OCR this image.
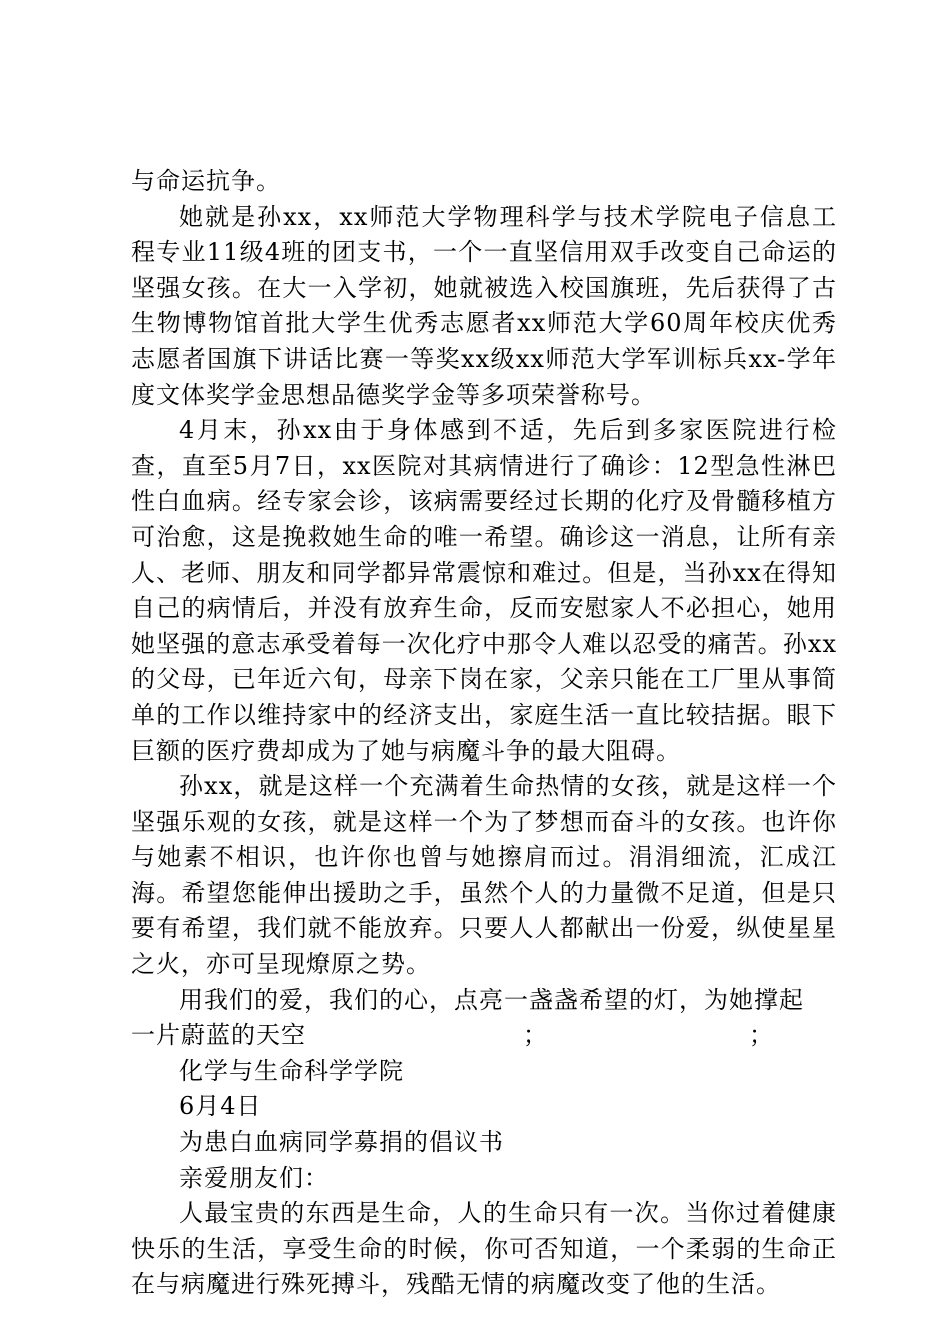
与命运抗争。

她就是孙xx，xx师范大学物理科学与技术学院电子信息工程专业11级4班的团支书，一个一直坚信用双手改变自己命运的坚强女孩。在大一入学初，她就被选入校国旗班，先后获得了古生物博物馆首批大学生优秀志愿者xx师范大学60周年校庆优秀志愿者国旗下讲话比赛一等奖xx级xx师范大学军训标兵xx-学年度文体奖学金思想品德奖学金等多项荣誉称号。

4月末，孙xx由于身体感到不适，先后到多家医院进行检查，直至5月7日，xx医院对其病情进行了确诊：12型急性淋巴性白血病。经专家会诊，该病需要经过长期的化疗及骨髓移植方可治愈，这是挽救她生命的唯一希望。确诊这一消息，让所有亲人、老师、朋友和同学都异常震惊和难过。但是，当孙xx在得知自己的病情后，并没有放弃生命，反而安慰家人不必担心，她用她坚强的意志承受着每一次化疗中那令人难以忍受的痛苦。孙xx的父母，已年近六旬，母亲下岗在家，父亲只能在工厂里从事简单的工作以维持家中的经济支出，家庭生活一直比较拮据。眼下巨额的医疗费却成为了她与病魔斗争的最大阻碍。

孙xx，就是这样一个充满着生命热情的女孩，就是这样一个坚强乐观的女孩，就是这样一个为了梦想而奋斗的女孩。也许你与她素不相识，也许你也曾与她擦肩而过。涓涓细流，汇成江海。希望您能伸出援助之手，虽然个人的力量微不足道，但是只要有希望，我们就不能放弃。只要人人都献出一份爱，纵使星星之火，亦可呈现燎原之势。

用我们的爱，我们的心，点亮一盏盏希望的灯，为她撑起

一片蔚蓝的天空	；	；

化学与生命科学学院

6月4日

为患白血病同学募捐的倡议书

亲爱朋友们：

人最宝贵的东西是生命，人的生命只有一次。当你过着健康快乐的生活，享受生命的时候，你可否知道，一个柔弱的生命正在与病魔进行殊死搏斗，残酷无情的病魔改变了他的生活。
